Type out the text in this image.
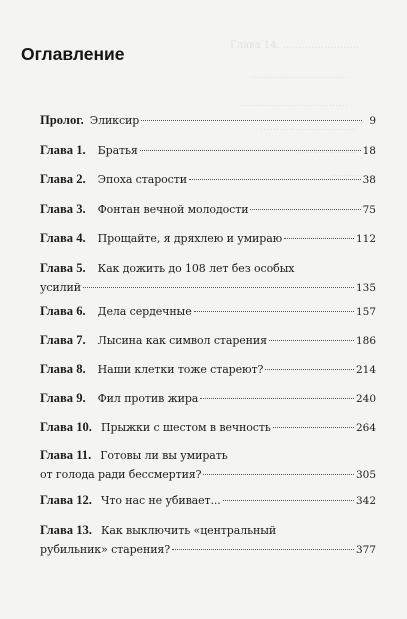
Глава 14. ........................
...............................
..................................
..............................
..................
.............
Оглавление
Пролог. Эликсир	9
Глава 1. Братья	18
Глава 2. Эпоха старости	38
Глава 3. Фонтан вечной молодости	75
Глава 4. Прощайте, я дряхлею и умираю	112
Глава 5. Как дожить до 108 лет без особых
усилий	135
Глава 6. Дела сердечные	157
Глава 7. Лысина как символ старения	186
Глава 8. Наши клетки тоже стареют?	214
Глава 9. Фил против жира	240
Глава 10. Прыжки с шестом в вечность	264
Глава 11. Готовы ли вы умирать
от голода ради бессмертия?	305
Глава 12. Что нас не убивает...	342
Глава 13. Как выключить «центральный
рубильник» старения?	377
